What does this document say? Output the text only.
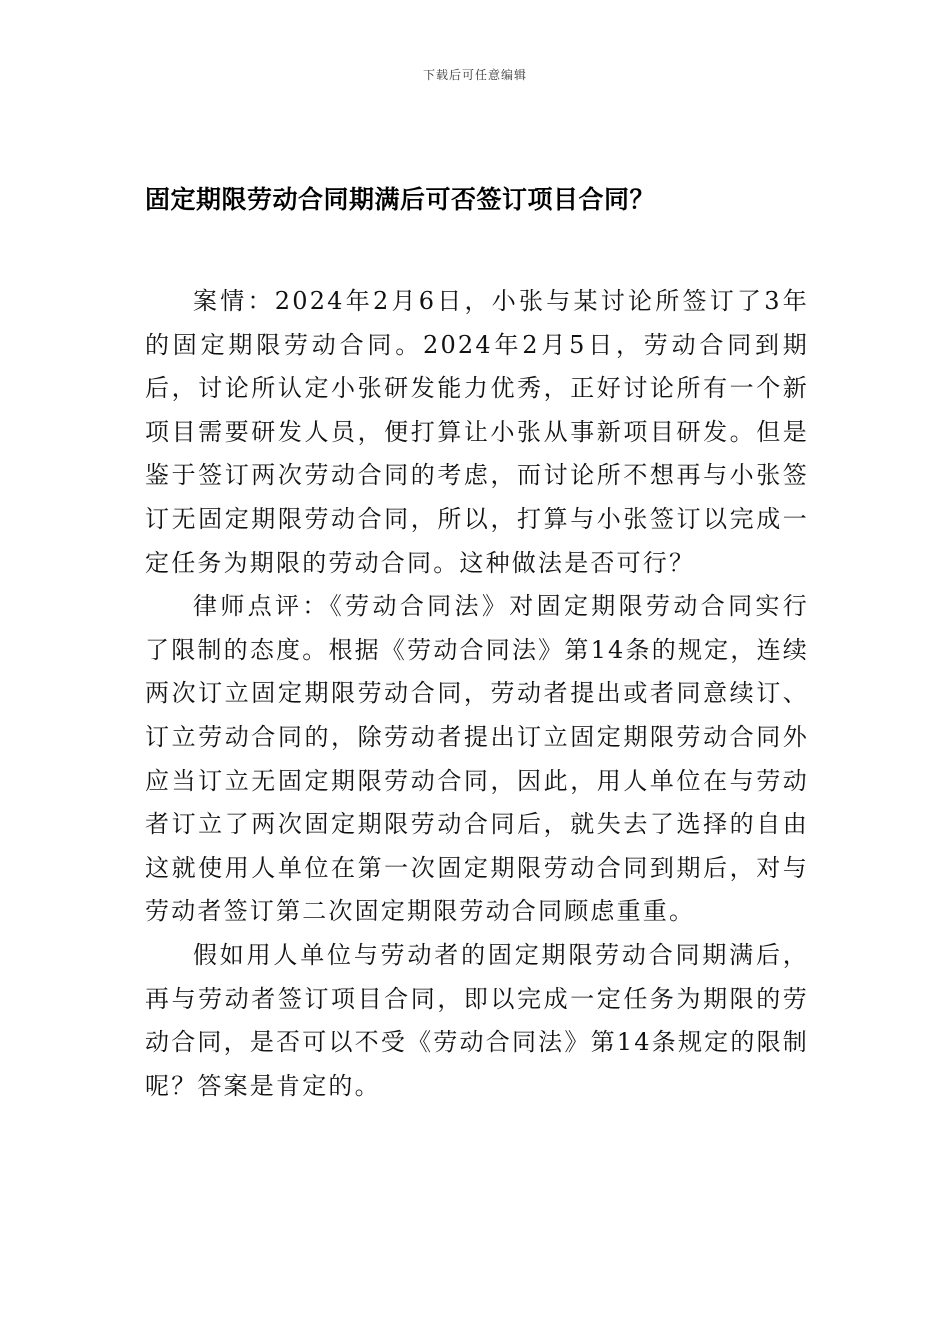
下载后可任意编辑
固定期限劳动合同期满后可否签订项目合同？

案情：2024年2月6日，小张与某讨论所签订了3年的固定期限劳动合同。2024年2月5日，劳动合同到期后，讨论所认定小张研发能力优秀，正好讨论所有一个新项目需要研发人员，便打算让小张从事新项目研发。但是鉴于签订两次劳动合同的考虑，而讨论所不想再与小张签订无固定期限劳动合同，所以，打算与小张签订以完成一定任务为期限的劳动合同。这种做法是否可行？

律师点评：《劳动合同法》对固定期限劳动合同实行了限制的态度。根据《劳动合同法》第14条的规定，连续两次订立固定期限劳动合同，劳动者提出或者同意续订、订立劳动合同的，除劳动者提出订立固定期限劳动合同外应当订立无固定期限劳动合同，因此，用人单位在与劳动者订立了两次固定期限劳动合同后，就失去了选择的自由这就使用人单位在第一次固定期限劳动合同到期后，对与劳动者签订第二次固定期限劳动合同顾虑重重。

假如用人单位与劳动者的固定期限劳动合同期满后，再与劳动者签订项目合同，即以完成一定任务为期限的劳动合同，是否可以不受《劳动合同法》第14条规定的限制呢？答案是肯定的。
